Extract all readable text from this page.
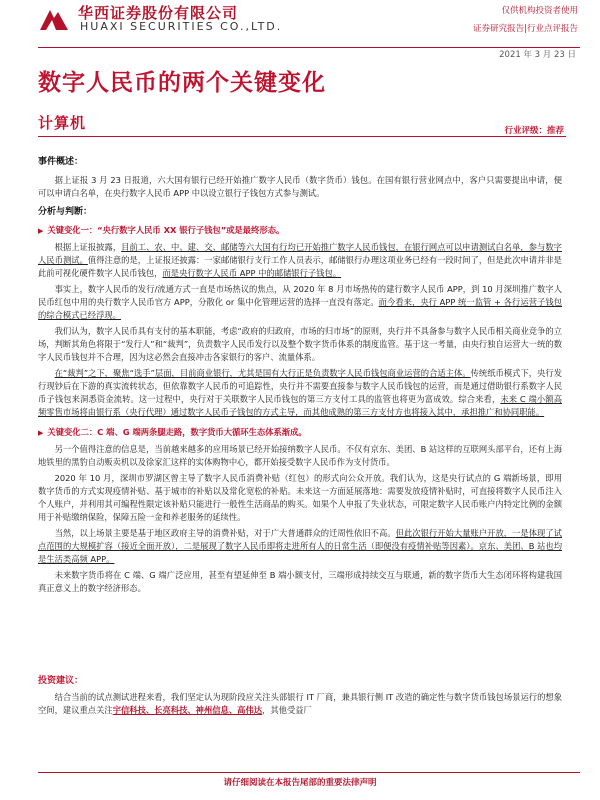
华西证券股份有限公司
HUAXI SECURITIES CO.,LTD.
仅供机构投资者使用
证券研究报告|行业点评报告
2021 年 3 月 23 日
数字人民币的两个关键变化
计算机	行业评级：推荐

事件概述：

据上证报 3 月 23 日报道，六大国有银行已经开始推广数字人民币（数字货币）钱包。在国有银行营业网点中，客户只需要提出申请，便可以申请白名单，在央行数字人民币 APP 中以设立银行子钱包方式参与测试。

分析与判断：

▶ 关键变化一：“央行数字人民币 XX 银行子钱包”或是最终形态。

根据上证报披露，目前工、农、中、建、交、邮储等六大国有行均已开始推广数字人民币钱包，在银行网点可以申请测试白名单，参与数字人民币测试。值得注意的是，上证报还披露：一家邮储银行支行工作人员表示，邮储银行办理这项业务已经有一段时间了，但是此次申请并非是此前可视化硬件数字人民币钱包，而是央行数字人民币 APP 中的邮储银行子钱包。

事实上，数字人民币的发行/流通方式一直是市场热议的焦点，从 2020 年 8 月市场热传的建行数字人民币 APP，到 10 月深圳推广数字人民币红包中用的央行数字人民币官方 APP，分散化 or 集中化管理运营的选择一直没有落定。而今看来，央行 APP 统一监管 + 各行运营子钱包的综合模式已经浮现。

我们认为，数字人民币具有支付的基本职能，考虑“政府的归政府，市场的归市场”的原则，央行并不具备参与数字人民币相关商业竞争的立场，判断其角色将限于“发行人”和“裁判”，负责数字人民币发行以及整个数字货币体系的制度监管。基于这一考量，由央行独自运营大一统的数字人民币钱包并不合理，因为这必然会直接冲击各家银行的客户、流量体系。

在“裁判”之下，聚焦“选手”层面，目前商业银行，尤其是国有大行正是负责数字人民币钱包商业运营的合适主体。传统纸币模式下，央行发行现钞后在下游的真实流转状态，但依靠数字人民币的可追踪性，央行并不需要直接参与数字人民币钱包的运营，而是通过借助银行系数字人民币子钱包来洞悉资金流转。这一过程中，央行对于关联数字人民币钱包的第三方支付工具的监管也将更为富成效。综合来看，未来 C 端小额高频零售市场将由银行系（央行代理）通过数字人民币子钱包的方式主导，而其他成熟的第三方支付方也将接入其中，承担推广和协同职能。

▶ 关键变化二：C 端、G 端两条腿走路，数字货币大循环生态体系渐成。

另一个值得注意的信息是，当前越来越多的应用场景已经开始接纳数字人民币。不仅有京东、美团、B 站这样的互联网头部平台，还有上海地铁里的黑豹自动贩卖机以及徐家汇这样的实体购物中心，都开始接受数字人民币作为支付货币。

2020 年 10 月，深圳市罗湖区曾主导了数字人民币消费补贴（红包）的形式向公众开放。我们认为，这是央行试点的 G 端新场景，即用数字货币的方式实现疫情补贴、基于城市的补贴以及常化宽松的补贴。未来这一方面延展落地：需要发放疫情补贴时，可直接将数字人民币注入个人账户，并利用其可编程性限定该补贴只能进行一般性生活商品的购买。如果个人申报了失业状态，可限定数字人民币账户内特定比例的金额用于补贴缴纳保险，保障五险一金和养老服务的延续性。

当然，以上场景主要是基于地区政府主导的消费补贴，对于广大普通群众的迁周性依旧不高。但此次银行开始大量账户开放，一是体现了试点范围的大规模扩容（接近全面开放），二是展现了数字人民币即将走进所有人的日常生活（即便没有疫情补贴等因素）。京东、美团、B 站也均是生活类高频 APP。

未来数字货币将在 C 端、G 端广泛应用，甚至有望延伸至 B 端小额支付，三端形成持续交互与联通，新的数字货币大生态闭环将构建我国真正意义上的数字经济形态。

投资建议：
结合当前的试点测试进程来看，我们坚定认为现阶段应关注头部银行 IT 厂商，兼具银行侧 IT 改造的确定性与数字货币钱包场景运行的想象空间，建议重点关注宇信科技、长亮科技、神州信息、高伟达，其他受益厂
请仔细阅读在本报告尾部的重要法律声明
